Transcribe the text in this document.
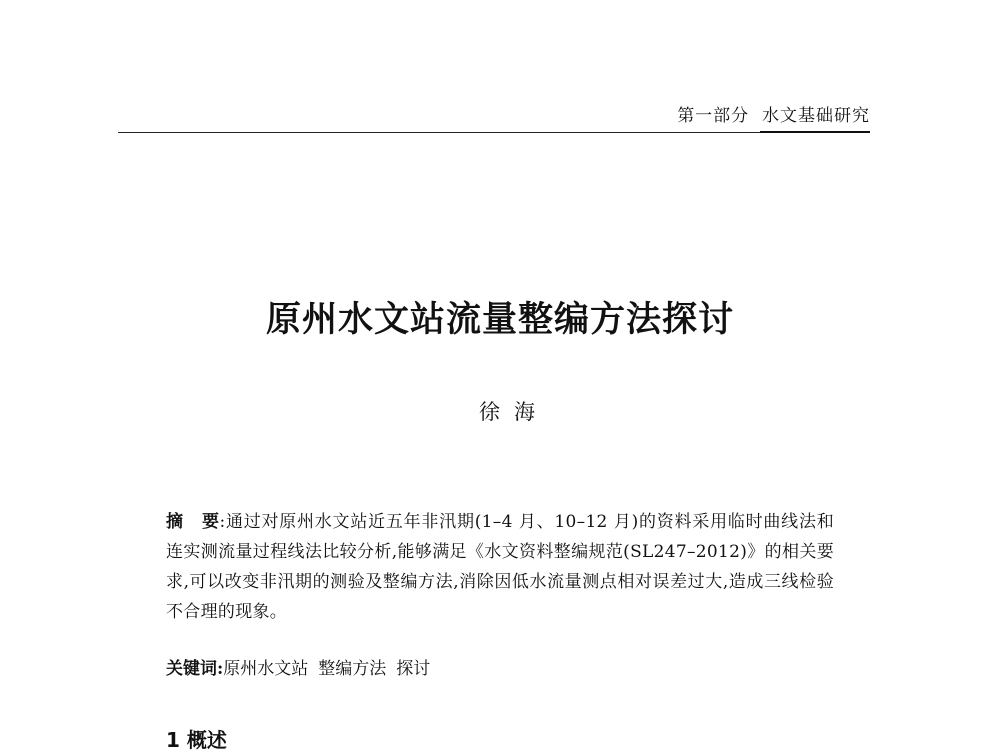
第一部分 水文基础研究
原州水文站流量整编方法探讨
徐海
摘 要:通过对原州水文站近五年非汛期(1–4 月、10–12 月)的资料采用临时曲线法和连实测流量过程线法比较分析,能够满足《水文资料整编规范(SL247–2012)》的相关要求,可以改变非汛期的测验及整编方法,消除因低水流量测点相对误差过大,造成三线检验不合理的现象。
关键词:原州水文站 整编方法 探讨
1 概述
